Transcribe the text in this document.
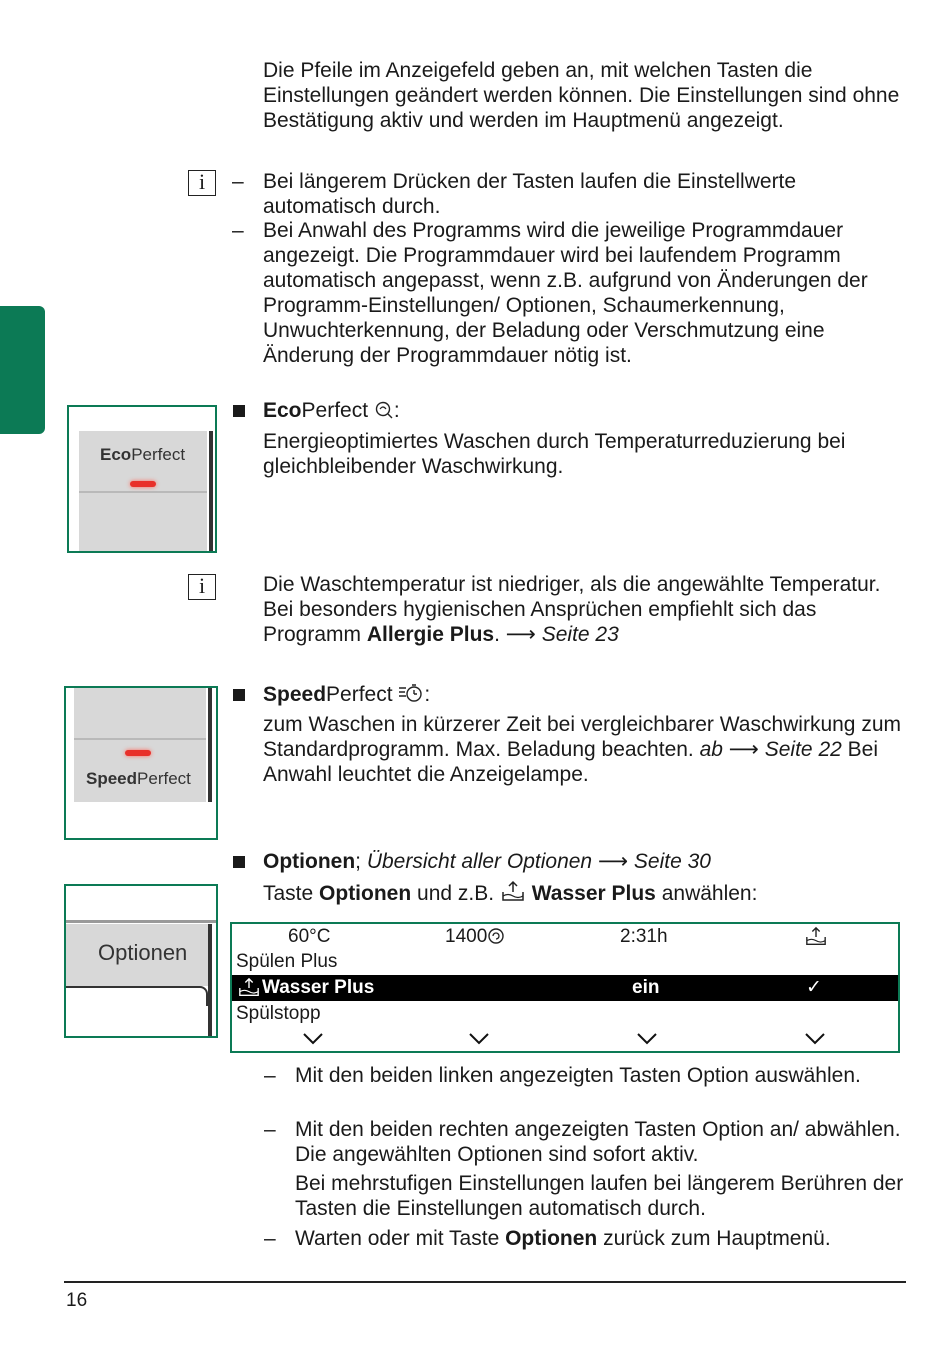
Die Pfeile im Anzeigefeld geben an, mit welchen Tasten die Einstellungen geändert werden können. Die Einstellungen sind ohne Bestätigung aktiv und werden im Hauptmenü angezeigt.

i	– Bei längerem Drücken der Tasten laufen die Einstellwerte automatisch durch.

– Bei Anwahl des Programms wird die jeweilige Programmdauer angezeigt. Die Programmdauer wird bei laufendem Programm automatisch angepasst, wenn z.B. aufgrund von Änderungen der Programm-Einstellungen/ Optionen, Schaumerkennung, Unwuchterkennung, der Beladung oder Verschmutzung eine Änderung der Programmdauer nötig ist.

EcoPerfect

EcoPerfect :

Energieoptimiertes Waschen durch Temperaturreduzierung bei gleichbleibender Waschwirkung.

i	Die Waschtemperatur ist niedriger, als die angewählte Temperatur. Bei besonders hygienischen Ansprüchen empfiehlt sich das Programm Allergie Plus. ⟶ Seite 23

SpeedPerfect

SpeedPerfect :

zum Waschen in kürzerer Zeit bei vergleichbarer Waschwirkung zum Standardprogramm. Max. Beladung beachten. ab ⟶ Seite 22 Bei Anwahl leuchtet die Anzeigelampe.

Optionen

Optionen; Übersicht aller Optionen ⟶ Seite 30

Taste Optionen und z.B.  Wasser Plus anwählen:

60°C	1400	2:31h
Spülen Plus
Wasser Plus	ein	✓
Spülstopp
– Mit den beiden linken angezeigten Tasten Option auswählen.

– Mit den beiden rechten angezeigten Tasten Option an/ abwählen. Die angewählten Optionen sind sofort aktiv.

Bei mehrstufigen Einstellungen laufen bei längerem Berühren der Tasten die Einstellungen automatisch durch.

– Warten oder mit Taste Optionen zurück zum Hauptmenü.

16
